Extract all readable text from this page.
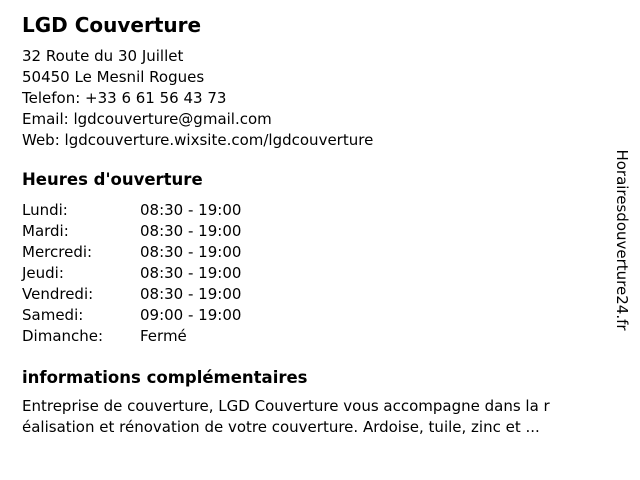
LGD Couverture
32 Route du 30 Juillet
50450 Le Mesnil Rogues
Telefon: +33 6 61 56 43 73
Email: lgdcouverture@gmail.com
Web: lgdcouverture.wixsite.com/lgdcouverture
Heures d'ouverture
Lundi:	08:30 - 19:00
Mardi:	08:30 - 19:00
Mercredi:	08:30 - 19:00
Jeudi:	08:30 - 19:00
Vendredi:	08:30 - 19:00
Samedi:	09:00 - 19:00
Dimanche:	Fermé
informations complémentaires
Entreprise de couverture, LGD Couverture vous accompagne dans la r
éalisation et rénovation de votre couverture. Ardoise, tuile, zinc et ...
Horairesdouverture24.fr
